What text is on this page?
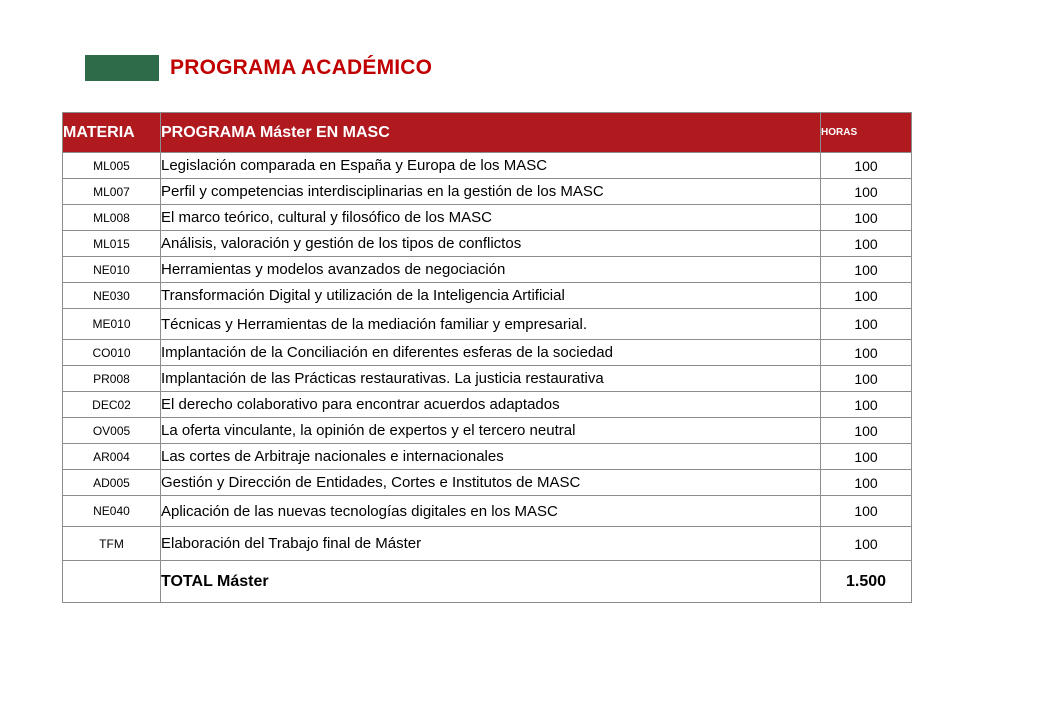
PROGRAMA ACADÉMICO
MATERIA	PROGRAMA Máster EN MASC	HORAS
ML005	Legislación comparada en España y Europa de los MASC	100
ML007	Perfil y competencias interdisciplinarias en la gestión de los MASC	100
ML008	El marco teórico, cultural y filosófico de los MASC	100
ML015	Análisis, valoración y gestión de los tipos de conflictos	100
NE010	Herramientas y modelos avanzados de negociación	100
NE030	Transformación Digital y utilización de la Inteligencia Artificial	100
ME010	Técnicas y Herramientas de la mediación familiar y empresarial.	100
CO010	Implantación de la Conciliación en diferentes esferas de la sociedad	100
PR008	Implantación de las Prácticas restaurativas. La justicia restaurativa	100
DEC02	El derecho colaborativo para encontrar acuerdos adaptados	100
OV005	La oferta vinculante, la opinión de expertos y el tercero neutral	100
AR004	Las cortes de Arbitraje nacionales e internacionales	100
AD005	Gestión y Dirección de Entidades, Cortes e Institutos de MASC	100
NE040	Aplicación de las nuevas tecnologías digitales en los MASC	100
TFM	Elaboración del Trabajo final de Máster	100
	TOTAL Máster	1.500
